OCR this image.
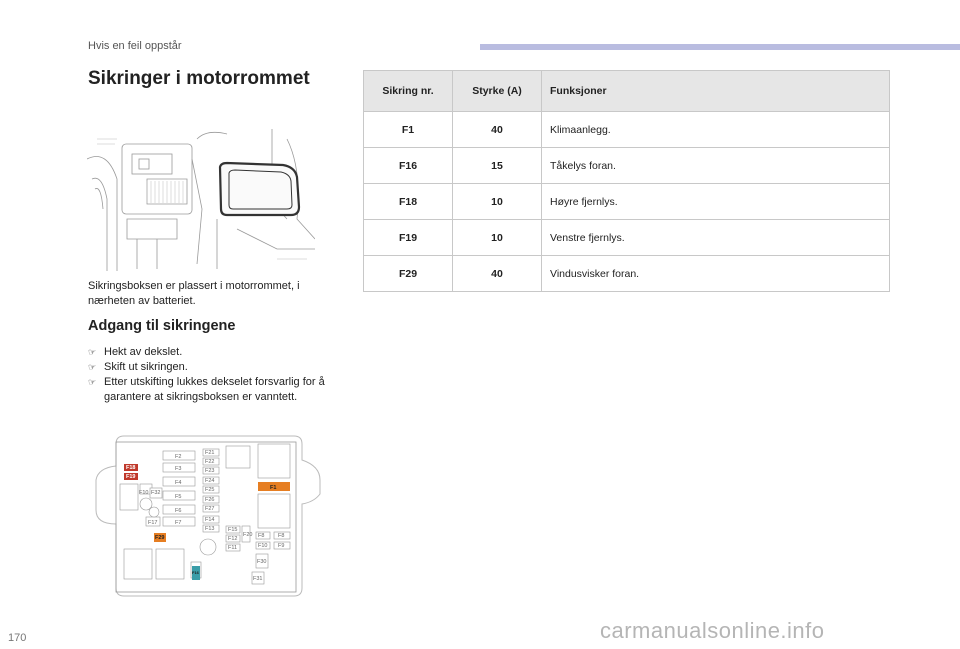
Hvis en feil oppstår
Sikringer i motorrommet
Sikringsboksen er plassert i motorrommet, i nærheten av batteriet.
Adgang til sikringene
☞ Hekt av dekslet.
☞ Skift ut sikringen.
☞ Etter utskifting lukkes dekselet forsvarlig for å garantere at sikringsboksen er vanntett.
F2
F3
F4
F5
F6
F7
F17
F21
F22
F23
F24
F25
F26
F27
F14
F13 F15
F12
F11
F20 F8
F10
F8
F9
F30
F31
F10 F32
F18
F19
F1
F29
F16
Sikring nr.	Styrke (A)	Funksjoner
F1	40	Klimaanlegg.
F16	15	Tåkelys foran.
F18	10	Høyre fjernlys.
F19	10	Venstre fjernlys.
F29	40	Vindusvisker foran.
170	carmanualsonline.info
